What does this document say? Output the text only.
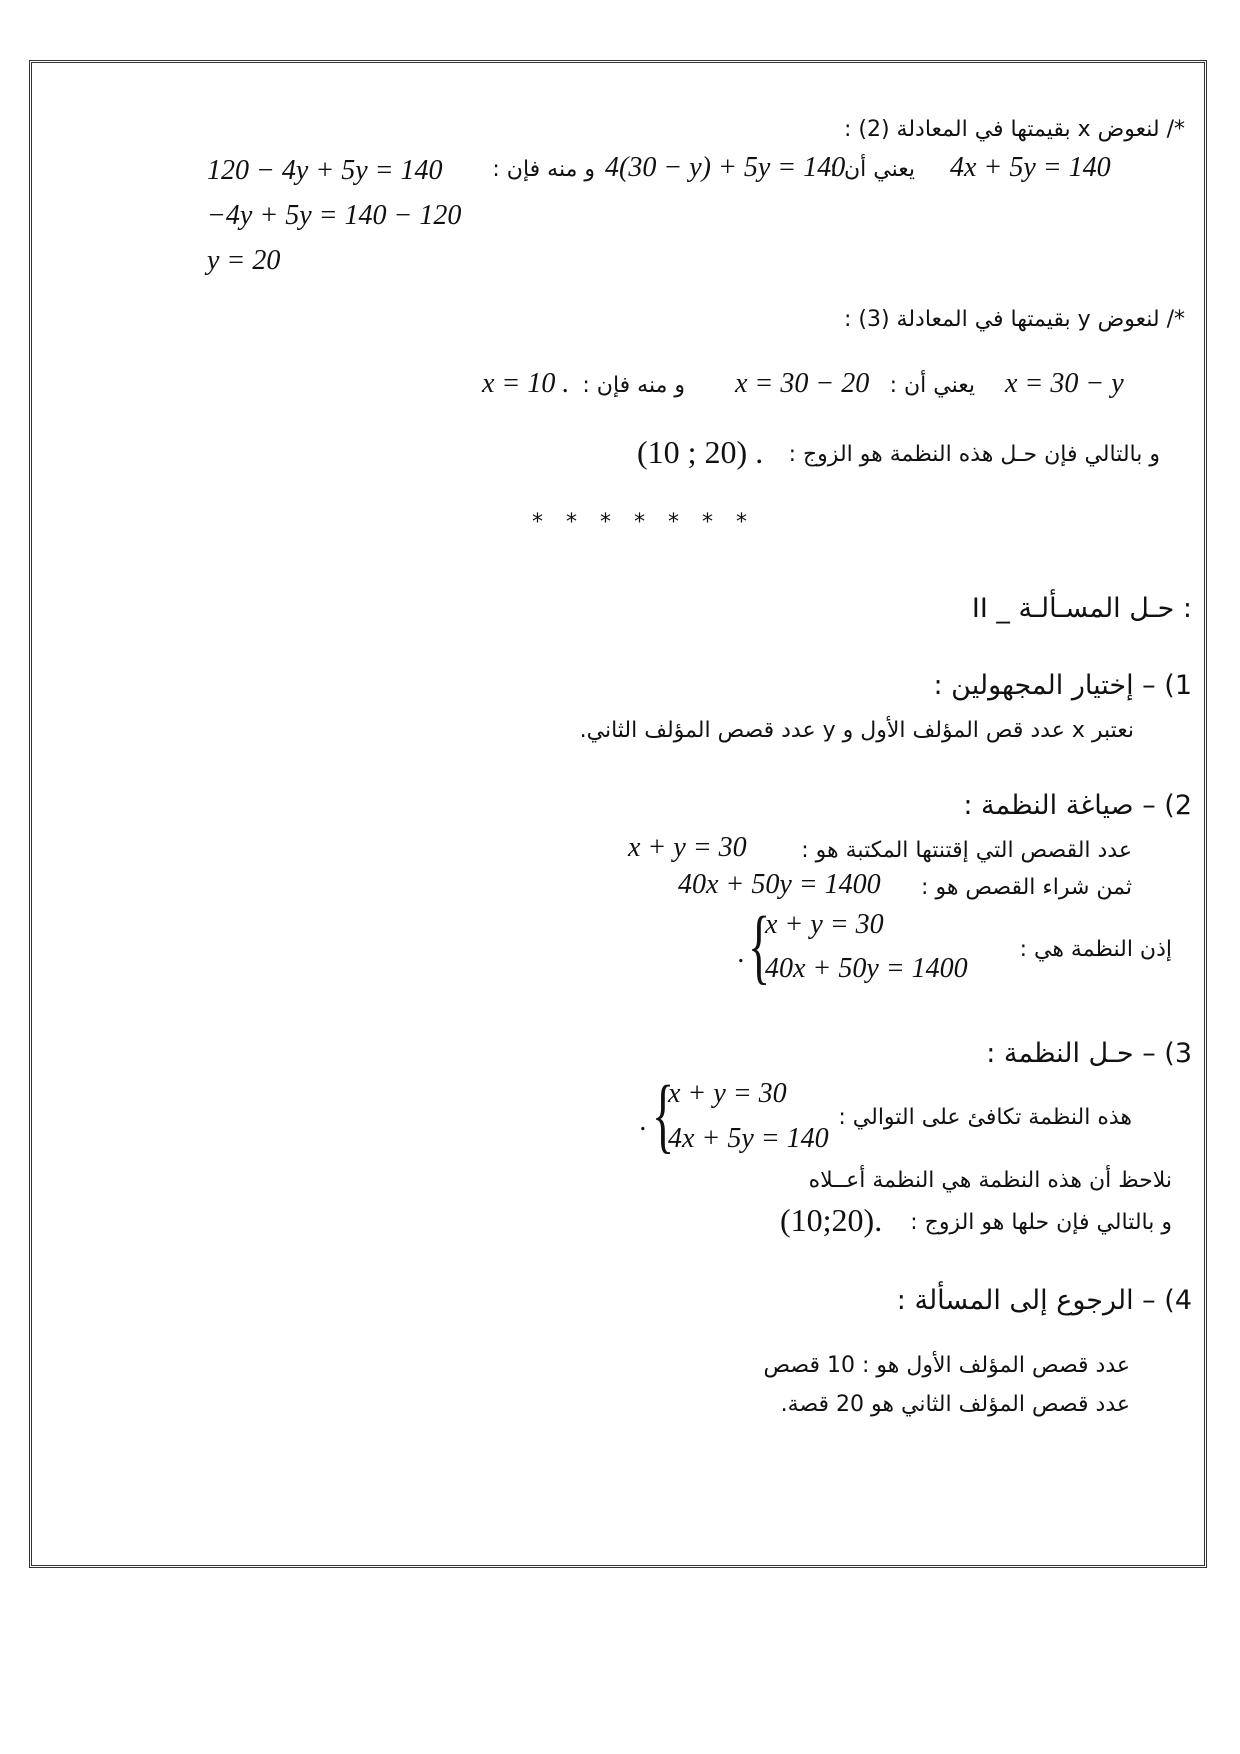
*/ لنعوض x بقيمتها في المعادلة (2) :
4x + 5y = 140
يعني أن :
4(30 − y) + 5y = 140
و منه فإن :
120 − 4y + 5y = 140
−4y + 5y = 140 − 120
y = 20
*/ لنعوض y بقيمتها في المعادلة (3) :
x = 30 − y
يعني أن :
x = 30 − 20
و منه فإن :
x = 10 .
و بالتالي فإن حـل هذه النظمة هو الزوج :
(10 ; 20) .
* * * * * * *
II _ حـل المسـألـة :
1) – إختيار المجهولين :
نعتبر x عدد قص المؤلف الأول و y عدد قصص المؤلف الثاني.
2) – صياغة النظمة :
عدد القصص التي إقتنتها المكتبة هو :
x + y = 30
ثمن شراء القصص هو :
40x + 50y = 1400
إذن النظمة هي :
{
x + y = 30
40x + 50y = 1400
.
3) – حـل النظمة :
هذه النظمة تكافئ على التوالي :
{
x + y = 30
4x + 5y = 140
.
نلاحظ أن هذه النظمة هي النظمة أعــلاه
و بالتالي فإن حلها هو الزوج :
(10;20).
4) – الرجوع إلى المسألة :
عدد قصص المؤلف الأول هو : 10 قصص
عدد قصص المؤلف الثاني هو 20 قصة.
